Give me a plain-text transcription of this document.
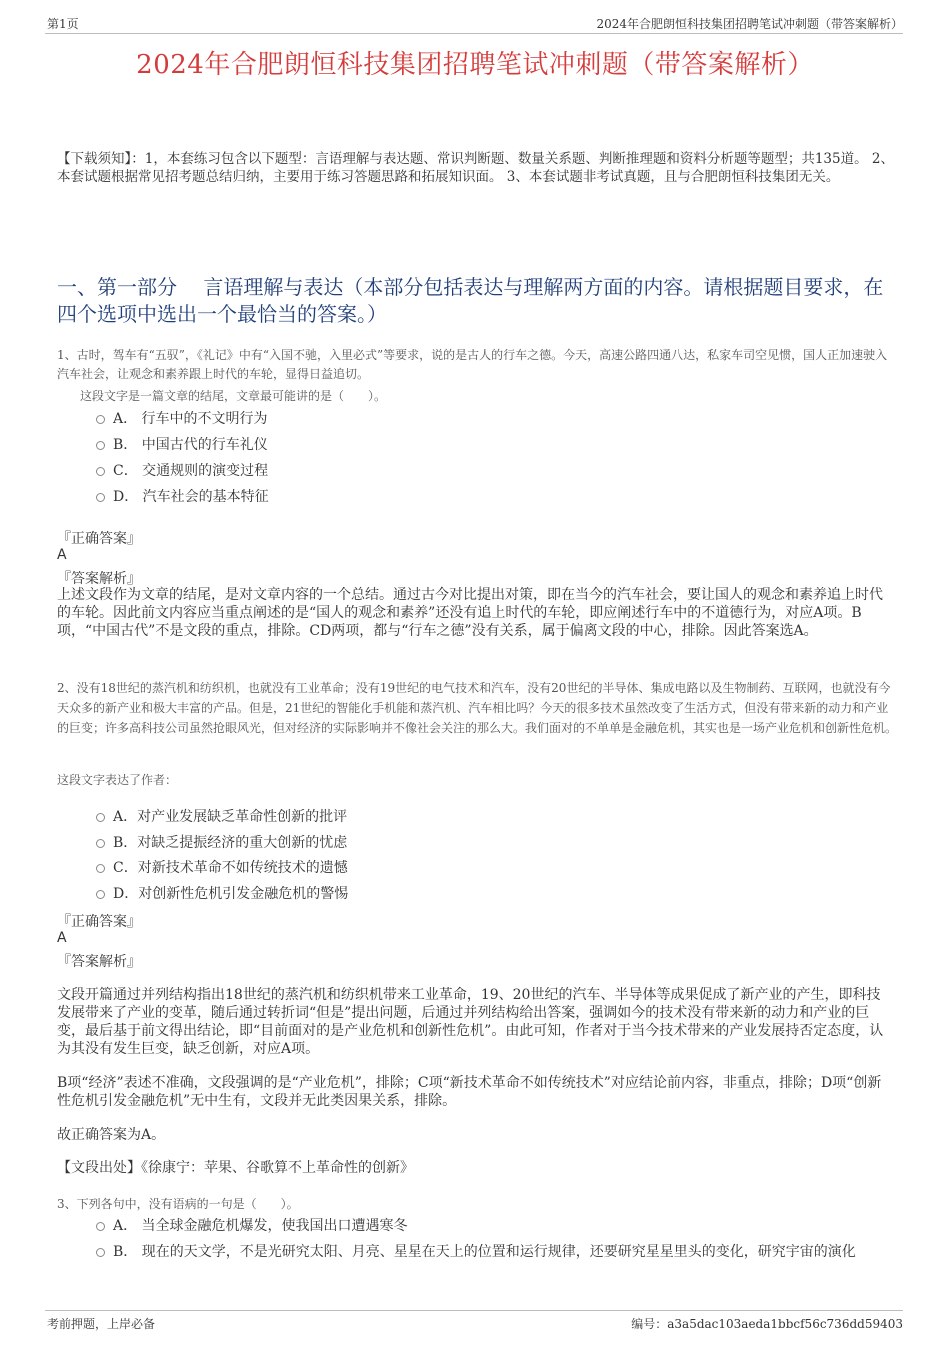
第1页	2024年合肥朗恒科技集团招聘笔试冲刺题（带答案解析）
2024年合肥朗恒科技集团招聘笔试冲刺题（带答案解析）
【下载须知】：1，本套练习包含以下题型：言语理解与表达题、常识判断题、数量关系题、判断推理题和资料分析题等题型；共135道。 2、本套试题根据常见招考题总结归纳，主要用于练习答题思路和拓展知识面。 3、本套试题非考试真题，且与合肥朗恒科技集团无关。
一、第一部分　 言语理解与表达（本部分包括表达与理解两方面的内容。请根据题目要求，在四个选项中选出一个最恰当的答案。）
1、古时，驾车有“五驭”，《礼记》中有“入国不驰，入里必式”等要求，说的是古人的行车之德。今天，高速公路四通八达，私家车司空见惯，国人正加速驶入汽车社会，让观念和素养跟上时代的车轮，显得日益追切。
这段文字是一篇文章的结尾，文章最可能讲的是（　　）。
A． 行车中的不文明行为
B． 中国古代的行车礼仪
C． 交通规则的演变过程
D． 汽车社会的基本特征
『正确答案』
A
『答案解析』
上述文段作为文章的结尾，是对文章内容的一个总结。通过古今对比提出对策，即在当今的汽车社会，要让国人的观念和素养追上时代的车轮。因此前文内容应当重点阐述的是“国人的观念和素养”还没有追上时代的车轮，即应阐述行车中的不道德行为，对应A项。B项，“中国古代”不是文段的重点，排除。CD两项，都与“行车之德”没有关系，属于偏离文段的中心，排除。因此答案选A。
2、没有18世纪的蒸汽机和纺织机，也就没有工业革命；没有19世纪的电气技术和汽车，没有20世纪的半导体、集成电路以及生物制药、互联网，也就没有今天众多的新产业和极大丰富的产品。但是，21世纪的智能化手机能和蒸汽机、汽车相比吗？今天的很多技术虽然改变了生活方式，但没有带来新的动力和产业的巨变；许多高科技公司虽然抢眼风光，但对经济的实际影响并不像社会关注的那么大。我们面对的不单单是金融危机，其实也是一场产业危机和创新性危机。
这段文字表达了作者：
A．对产业发展缺乏革命性创新的批评
B．对缺乏提振经济的重大创新的忧虑
C．对新技术革命不如传统技术的遗憾
D．对创新性危机引发金融危机的警惕
『正确答案』
A
『答案解析』
文段开篇通过并列结构指出18世纪的蒸汽机和纺织机带来工业革命，19、20世纪的汽车、半导体等成果促成了新产业的产生，即科技发展带来了产业的变革，随后通过转折词“但是”提出问题，后通过并列结构给出答案，强调如今的技术没有带来新的动力和产业的巨变，最后基于前文得出结论，即“目前面对的是产业危机和创新性危机”。由此可知，作者对于当今技术带来的产业发展持否定态度，认为其没有发生巨变，缺乏创新，对应A项。
B项“经济”表述不准确，文段强调的是“产业危机”，排除；C项“新技术革命不如传统技术”对应结论前内容，非重点，排除；D项“创新性危机引发金融危机”无中生有，文段并无此类因果关系，排除。
故正确答案为A。
【文段出处】《徐康宁：苹果、谷歌算不上革命性的创新》
3、下列各句中，没有语病的一句是（　　）。
A． 当全球金融危机爆发，使我国出口遭遇寒冬
B． 现在的天文学，不是光研究太阳、月亮、星星在天上的位置和运行规律，还要研究星星里头的变化，研究宇宙的演化
考前押题，上岸必备	编号：a3a5dac103aeda1bbcf56c736dd59403
